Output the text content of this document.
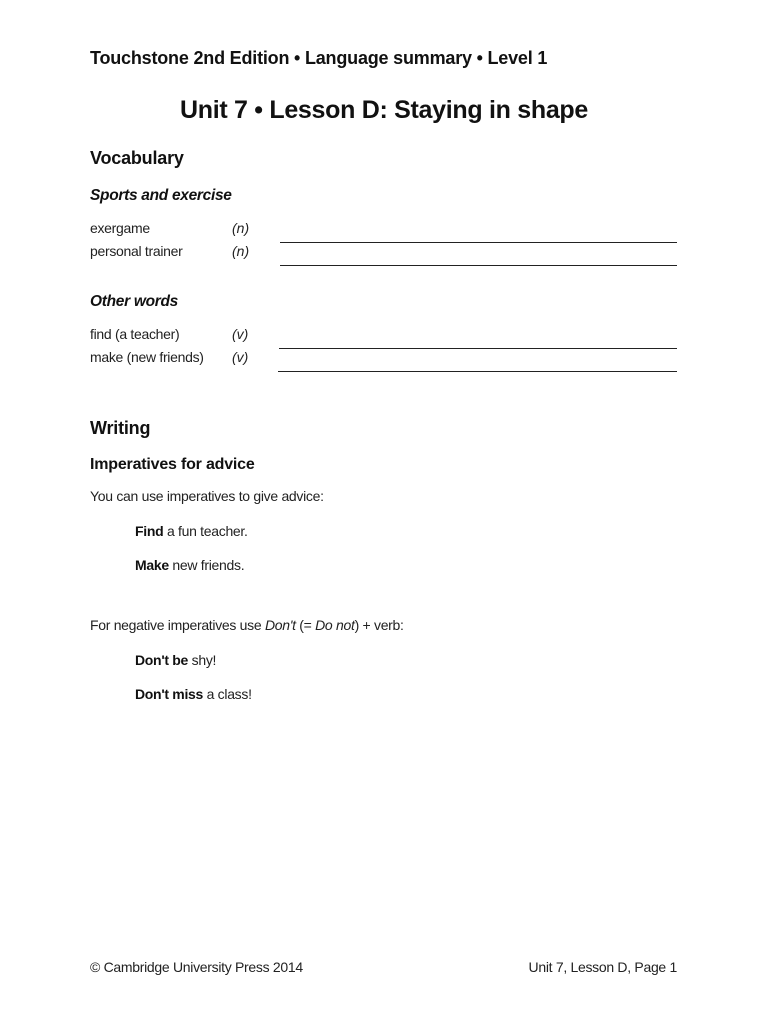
Touchstone 2nd Edition • Language summary • Level 1
Unit 7 • Lesson D: Staying in shape
Vocabulary
Sports and exercise
exergame	(n)
personal trainer	(n)
Other words
find (a teacher)	(v)
make (new friends) (v)
Writing
Imperatives for advice
You can use imperatives to give advice:
Find a fun teacher.
Make new friends.
For negative imperatives use Don't (= Do not) + verb:
Don't be shy!
Don't miss a class!
© Cambridge University Press 2014	Unit 7, Lesson D, Page 1
